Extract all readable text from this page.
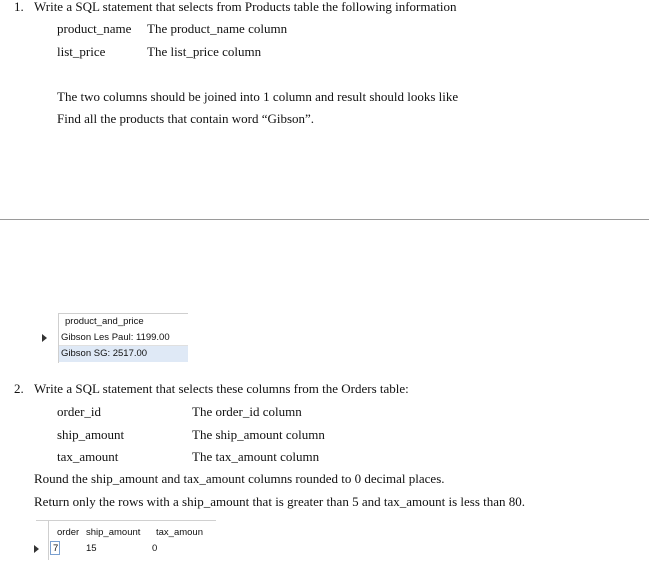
1. Write a SQL statement that selects from Products table the following information
product_name The product_name column
list_price	The list_price column
The two columns should be joined into 1 column and result should looks like
Find all the products that contain word “Gibson”.
product_and_price
Gibson Les Paul: 1199.00
Gibson SG: 2517.00
2. Write a SQL statement that selects these columns from the Orders table:
order_id	The order_id column
ship_amount	The ship_amount column
tax_amount	The tax_amount column
Round the ship_amount and tax_amount columns rounded to 0 decimal places.
Return only the rows with a ship_amount that is greater than 5 and tax_amount is less than 80.
order ship_amount tax_amoun
7	15	0
